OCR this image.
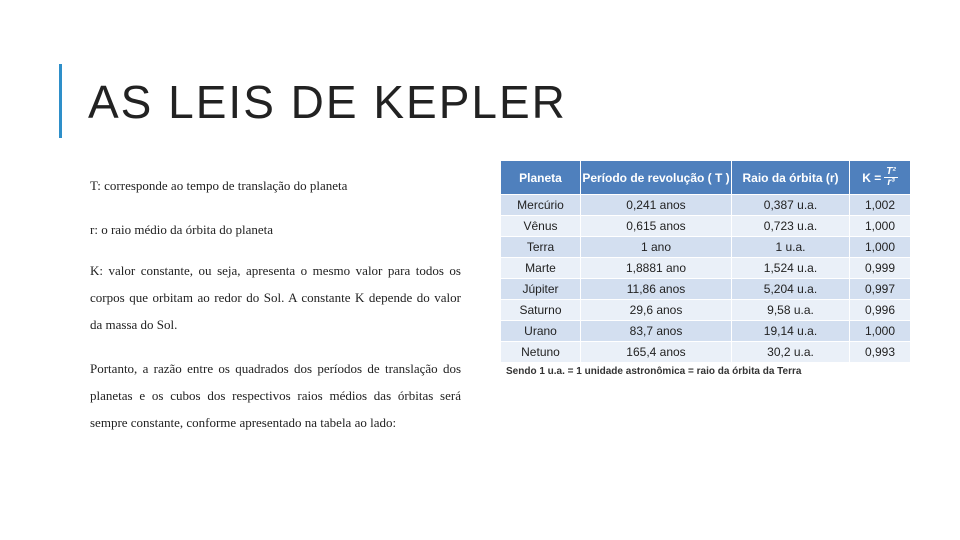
AS LEIS DE KEPLER

T: corresponde ao tempo de translação do planeta

r: o raio médio da órbita do planeta

K: valor constante, ou seja, apresenta o mesmo valor para todos os corpos que orbitam ao redor do Sol. A constante K depende do valor da massa do Sol.

Portanto, a razão entre os quadrados dos períodos de translação dos planetas e os cubos dos respectivos raios médios das órbitas será sempre constante, conforme apresentado na tabela ao lado:

Planeta	Período de revolução ( T )	Raio da órbita (r)	$K = \frac{\text{T²}}{\text{r³}}$

Mercúrio	0,241 anos	0,387 u.a.	1,002
Vênus	0,615 anos	0,723 u.a.	1,000
Terra	1 ano	1 u.a.	1,000
Marte	1,8881 ano	1,524 u.a.	0,999
Júpiter	11,86 anos	5,204 u.a.	0,997
Saturno	29,6 anos	9,58 u.a.	0,996
Urano	83,7 anos	19,14 u.a.	1,000
Netuno	165,4 anos	30,2 u.a.	0,993
Sendo 1 u.a. = 1 unidade astronômica = raio da órbita da Terra
